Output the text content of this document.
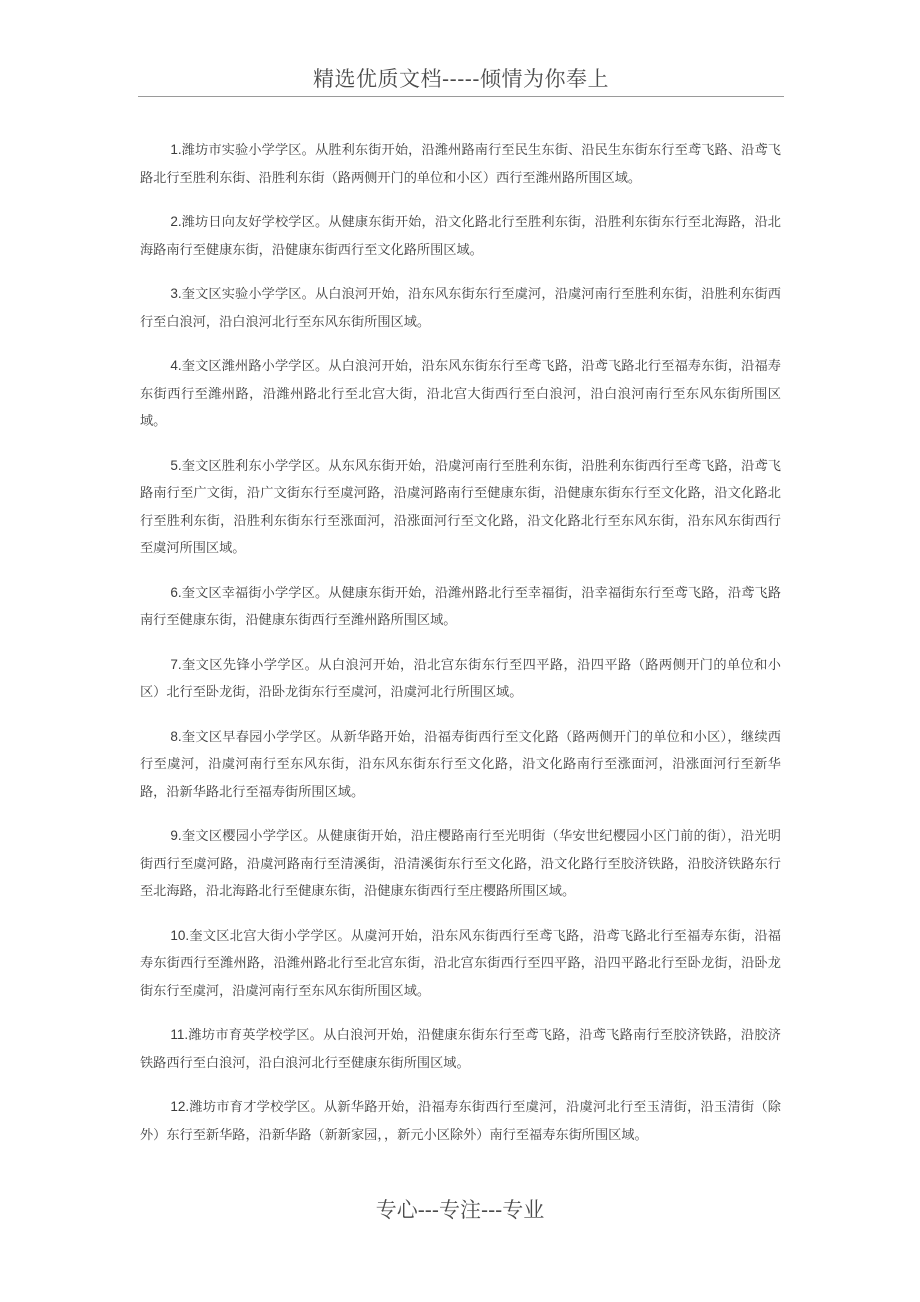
精选优质文档-----倾情为你奉上

1.潍坊市实验小学学区。从胜利东街开始，沿潍州路南行至民生东街、沿民生东街东行至鸢飞路、沿鸢飞路北行至胜利东街、沿胜利东街（路两侧开门的单位和小区）西行至潍州路所围区域。

2.潍坊日向友好学校学区。从健康东街开始，沿文化路北行至胜利东街，沿胜利东街东行至北海路，沿北海路南行至健康东街，沿健康东街西行至文化路所围区域。

3.奎文区实验小学学区。从白浪河开始，沿东风东街东行至虞河，沿虞河南行至胜利东街，沿胜利东街西行至白浪河，沿白浪河北行至东风东街所围区域。

4.奎文区潍州路小学学区。从白浪河开始，沿东风东街东行至鸢飞路，沿鸢飞路北行至福寿东街，沿福寿东街西行至潍州路，沿潍州路北行至北宫大街，沿北宫大街西行至白浪河，沿白浪河南行至东风东街所围区域。

5.奎文区胜利东小学学区。从东风东街开始，沿虞河南行至胜利东街，沿胜利东街西行至鸢飞路，沿鸢飞路南行至广文街，沿广文街东行至虞河路，沿虞河路南行至健康东街，沿健康东街东行至文化路，沿文化路北行至胜利东街，沿胜利东街东行至涨面河，沿涨面河行至文化路，沿文化路北行至东风东街，沿东风东街西行至虞河所围区域。

6.奎文区幸福街小学学区。从健康东街开始，沿潍州路北行至幸福街，沿幸福街东行至鸢飞路，沿鸢飞路南行至健康东街，沿健康东街西行至潍州路所围区域。

7.奎文区先锋小学学区。从白浪河开始，沿北宫东街东行至四平路，沿四平路（路两侧开门的单位和小区）北行至卧龙街，沿卧龙街东行至虞河，沿虞河北行所围区域。

8.奎文区早春园小学学区。从新华路开始，沿福寿街西行至文化路（路两侧开门的单位和小区），继续西行至虞河，沿虞河南行至东风东街，沿东风东街东行至文化路，沿文化路南行至涨面河，沿涨面河行至新华路，沿新华路北行至福寿街所围区域。

9.奎文区樱园小学学区。从健康街开始，沿庄樱路南行至光明街（华安世纪樱园小区门前的街），沿光明街西行至虞河路，沿虞河路南行至清溪街，沿清溪街东行至文化路，沿文化路行至胶济铁路，沿胶济铁路东行至北海路，沿北海路北行至健康东街，沿健康东街西行至庄樱路所围区域。

10.奎文区北宫大街小学学区。从虞河开始，沿东风东街西行至鸢飞路，沿鸢飞路北行至福寿东街，沿福寿东街西行至潍州路，沿潍州路北行至北宫东街，沿北宫东街西行至四平路，沿四平路北行至卧龙街，沿卧龙街东行至虞河，沿虞河南行至东风东街所围区域。

11.潍坊市育英学校学区。从白浪河开始，沿健康东街东行至鸢飞路，沿鸢飞路南行至胶济铁路，沿胶济铁路西行至白浪河，沿白浪河北行至健康东街所围区域。

12.潍坊市育才学校学区。从新华路开始，沿福寿东街西行至虞河，沿虞河北行至玉清街，沿玉清街（除外）东行至新华路，沿新华路（新新家园，，新元小区除外）南行至福寿东街所围区域。

专心---专注---专业
